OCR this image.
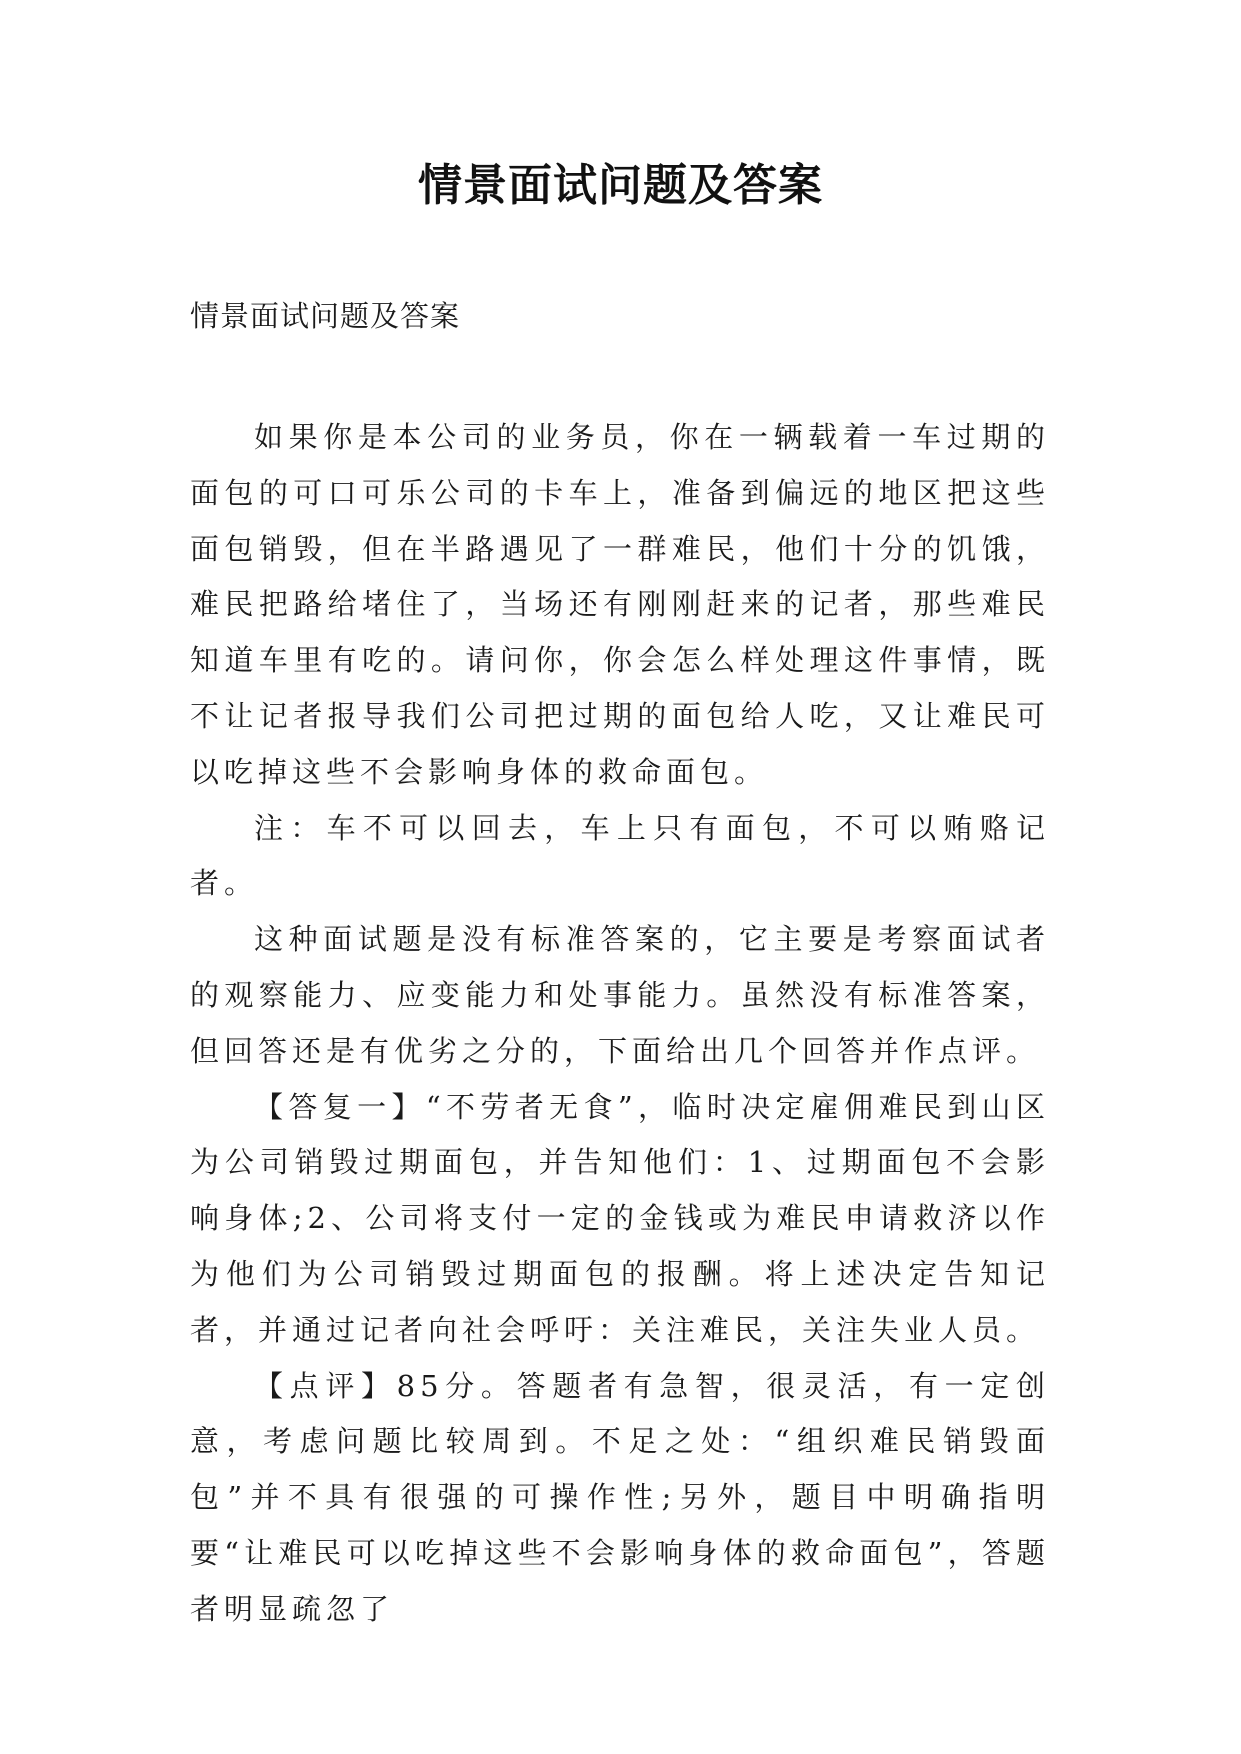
情景面试问题及答案
情景面试问题及答案

如果你是本公司的业务员，你在一辆载着一车过期的面包的可口可乐公司的卡车上，准备到偏远的地区把这些面包销毁，但在半路遇见了一群难民，他们十分的饥饿，难民把路给堵住了，当场还有刚刚赶来的记者，那些难民知道车里有吃的。请问你，你会怎么样处理这件事情，既不让记者报导我们公司把过期的面包给人吃，又让难民可以吃掉这些不会影响身体的救命面包。

注：车不可以回去，车上只有面包，不可以贿赂记者。

这种面试题是没有标准答案的，它主要是考察面试者的观察能力、应变能力和处事能力。虽然没有标准答案，但回答还是有优劣之分的，下面给出几个回答并作点评。

【答复一】“不劳者无食”，临时决定雇佣难民到山区为公司销毁过期面包，并告知他们：1、过期面包不会影响身体;2、公司将支付一定的金钱或为难民申请救济以作为他们为公司销毁过期面包的报酬。将上述决定告知记者，并通过记者向社会呼吁：关注难民，关注失业人员。

【点评】85分。答题者有急智，很灵活，有一定创意，考虑问题比较周到。不足之处：“组织难民销毁面包”并不具有很强的可操作性;另外，题目中明确指明要“让难民可以吃掉这些不会影响身体的救命面包”，答题者明显疏忽了
